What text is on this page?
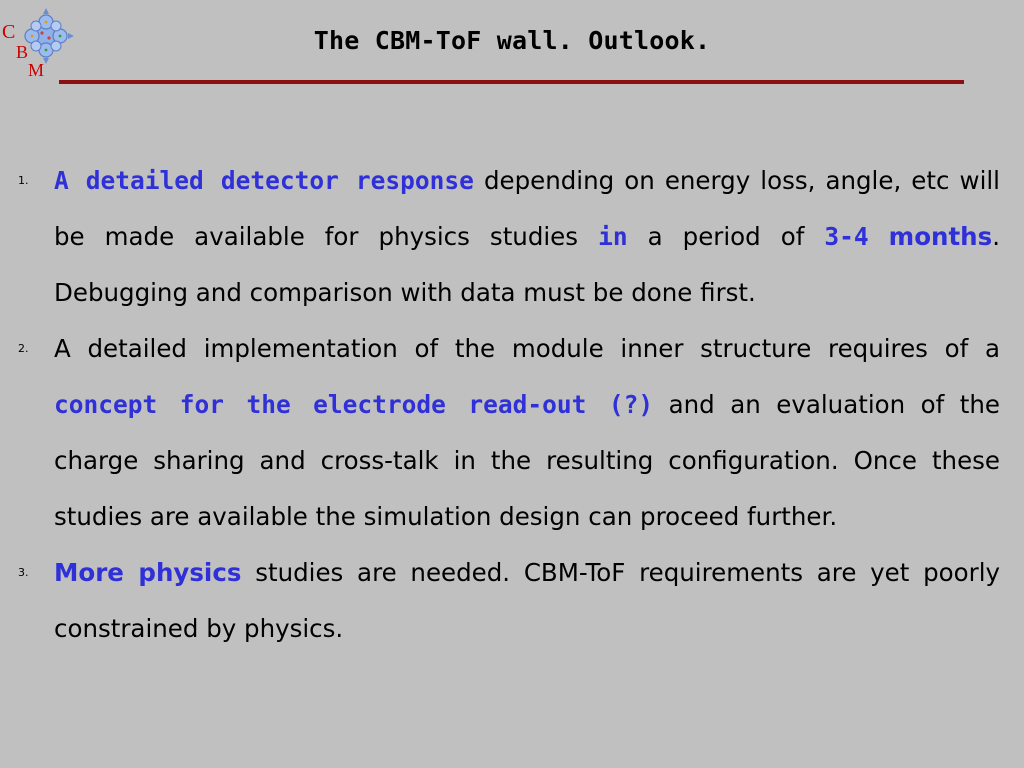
C
B
M
The CBM-ToF wall. Outlook.
1. A detailed detector response depending on energy loss, angle, etc will be made available for physics studies in a period of 3-4 months. Debugging and comparison with data must be done first.
2. A detailed implementation of the module inner structure requires of a concept for the electrode read-out (?) and an evaluation of the charge sharing and cross-talk in the resulting configuration. Once these studies are available the simulation design can proceed further.
3. More physics studies are needed. CBM-ToF requirements are yet poorly constrained by physics.
